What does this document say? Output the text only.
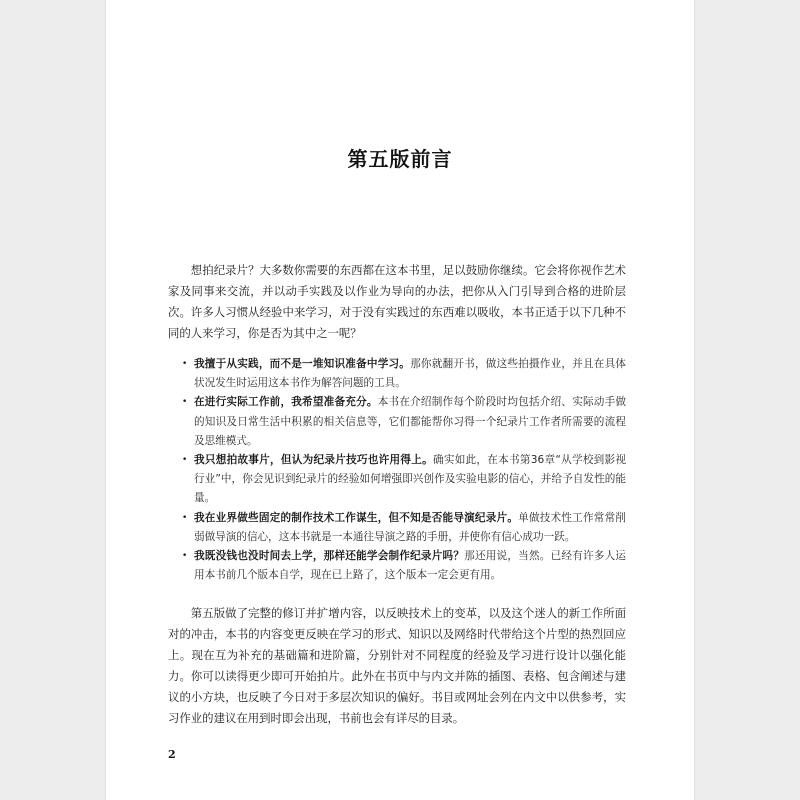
第五版前言

想拍纪录片？大多数你需要的东西都在这本书里，足以鼓励你继续。它会将你视作艺术家及同事来交流，并以动手实践及以作业为导向的办法，把你从入门引导到合格的进阶层次。许多人习惯从经验中来学习，对于没有实践过的东西难以吸收，本书正适于以下几种不同的人来学习，你是否为其中之一呢？

• 我擅于从实践，而不是一堆知识准备中学习。那你就翻开书，做这些拍摄作业，并且在具体状况发生时运用这本书作为解答问题的工具。
• 在进行实际工作前，我希望准备充分。本书在介绍制作每个阶段时均包括介绍、实际动手做的知识及日常生活中积累的相关信息等，它们都能帮你习得一个纪录片工作者所需要的流程及思维模式。
• 我只想拍故事片，但认为纪录片技巧也许用得上。确实如此，在本书第36章“从学校到影视行业”中，你会见识到纪录片的经验如何增强即兴创作及实验电影的信心，并给予自发性的能量。
• 我在业界做些固定的制作技术工作谋生，但不知是否能导演纪录片。单做技术性工作常常削弱做导演的信心，这本书就是一本通往导演之路的手册，并使你有信心成功一跃。
• 我既没钱也没时间去上学，那样还能学会制作纪录片吗？那还用说，当然。已经有许多人运用本书前几个版本自学，现在已上路了，这个版本一定会更有用。

第五版做了完整的修订并扩增内容，以反映技术上的变革，以及这个迷人的新工作所面对的冲击，本书的内容变更反映在学习的形式、知识以及网络时代带给这个片型的热烈回应上。现在互为补充的基础篇和进阶篇，分别针对不同程度的经验及学习进行设计以强化能力。你可以读得更少即可开始拍片。此外在书页中与内文并陈的插图、表格、包含阐述与建议的小方块，也反映了今日对于多层次知识的偏好。书目或网址会列在内文中以供参考，实习作业的建议在用到时即会出现，书前也会有详尽的目录。

2
